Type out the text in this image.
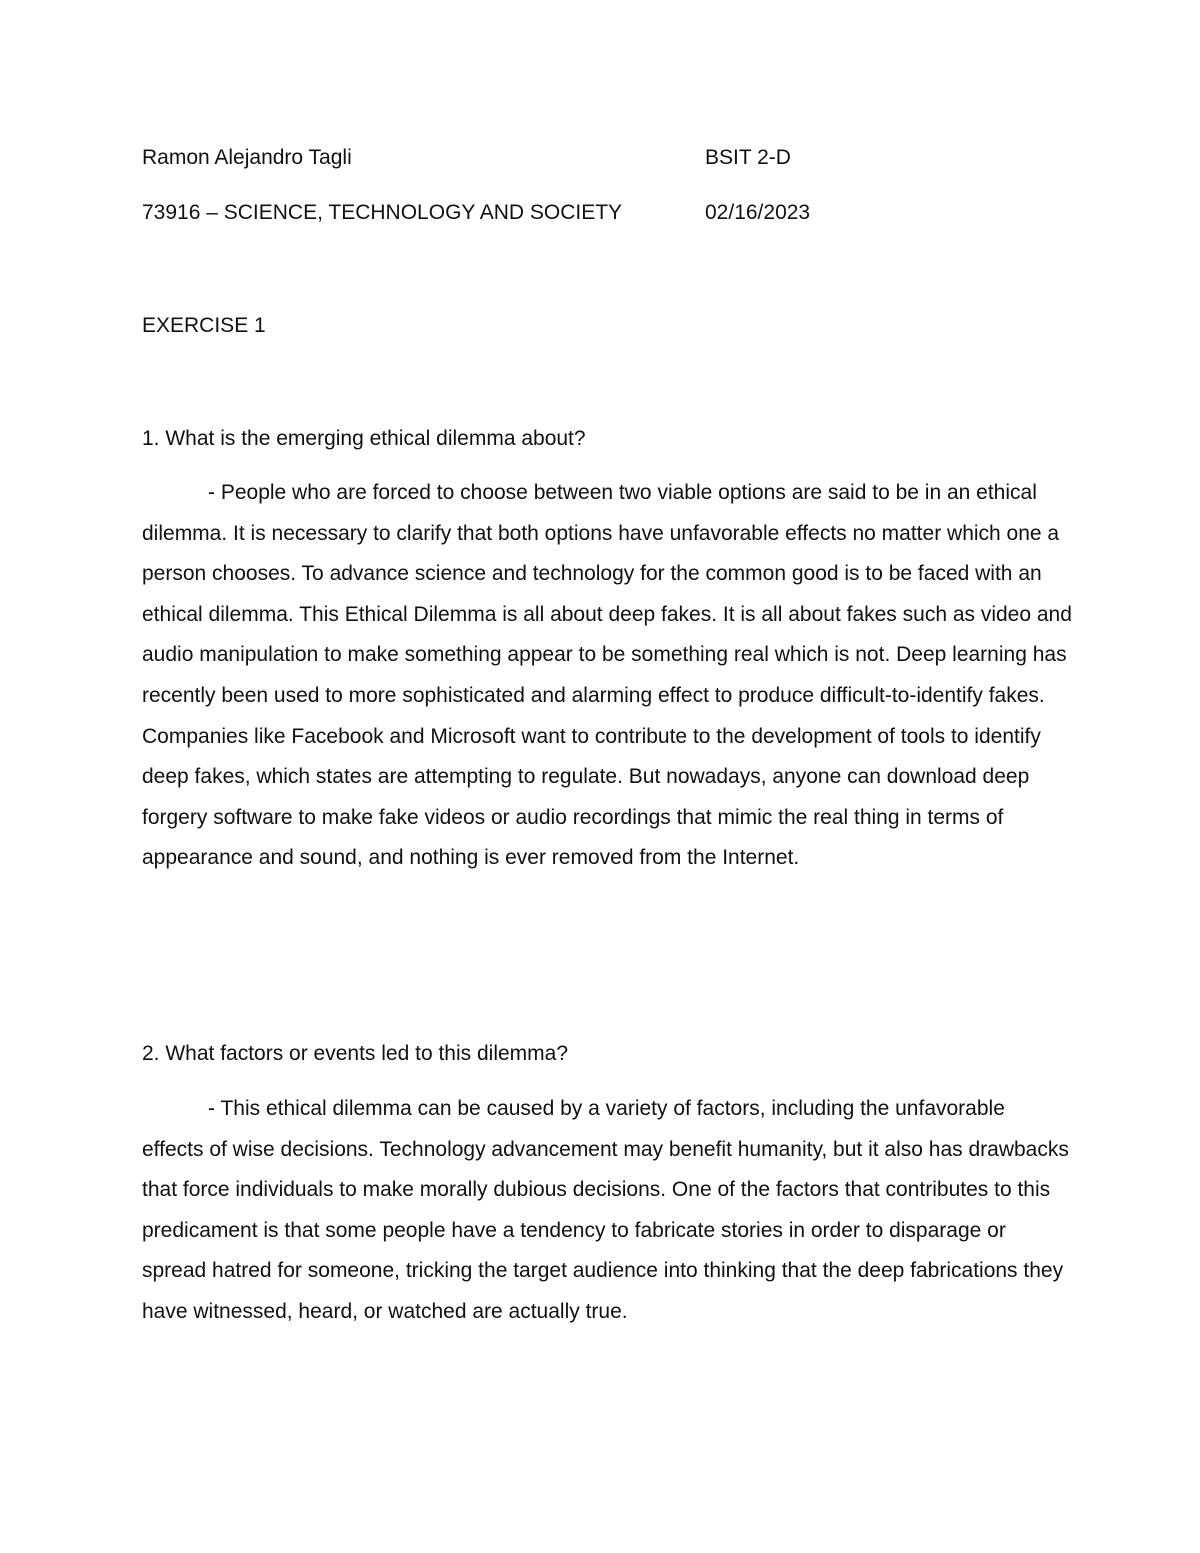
Ramon Alejandro Tagli	BSIT 2-D
73916 – SCIENCE, TECHNOLOGY AND SOCIETY	02/16/2023
EXERCISE 1
1. What is the emerging ethical dilemma about?

- People who are forced to choose between two viable options are said to be in an ethical dilemma. It is necessary to clarify that both options have unfavorable effects no matter which one a person chooses. To advance science and technology for the common good is to be faced with an ethical dilemma. This Ethical Dilemma is all about deep fakes. It is all about fakes such as video and audio manipulation to make something appear to be something real which is not. Deep learning has recently been used to more sophisticated and alarming effect to produce difficult-to-identify fakes. Companies like Facebook and Microsoft want to contribute to the development of tools to identify deep fakes, which states are attempting to regulate. But nowadays, anyone can download deep forgery software to make fake videos or audio recordings that mimic the real thing in terms of appearance and sound, and nothing is ever removed from the Internet.

2. What factors or events led to this dilemma?

- This ethical dilemma can be caused by a variety of factors, including the unfavorable effects of wise decisions. Technology advancement may benefit humanity, but it also has drawbacks that force individuals to make morally dubious decisions. One of the factors that contributes to this predicament is that some people have a tendency to fabricate stories in order to disparage or spread hatred for someone, tricking the target audience into thinking that the deep fabrications they have witnessed, heard, or watched are actually true.
